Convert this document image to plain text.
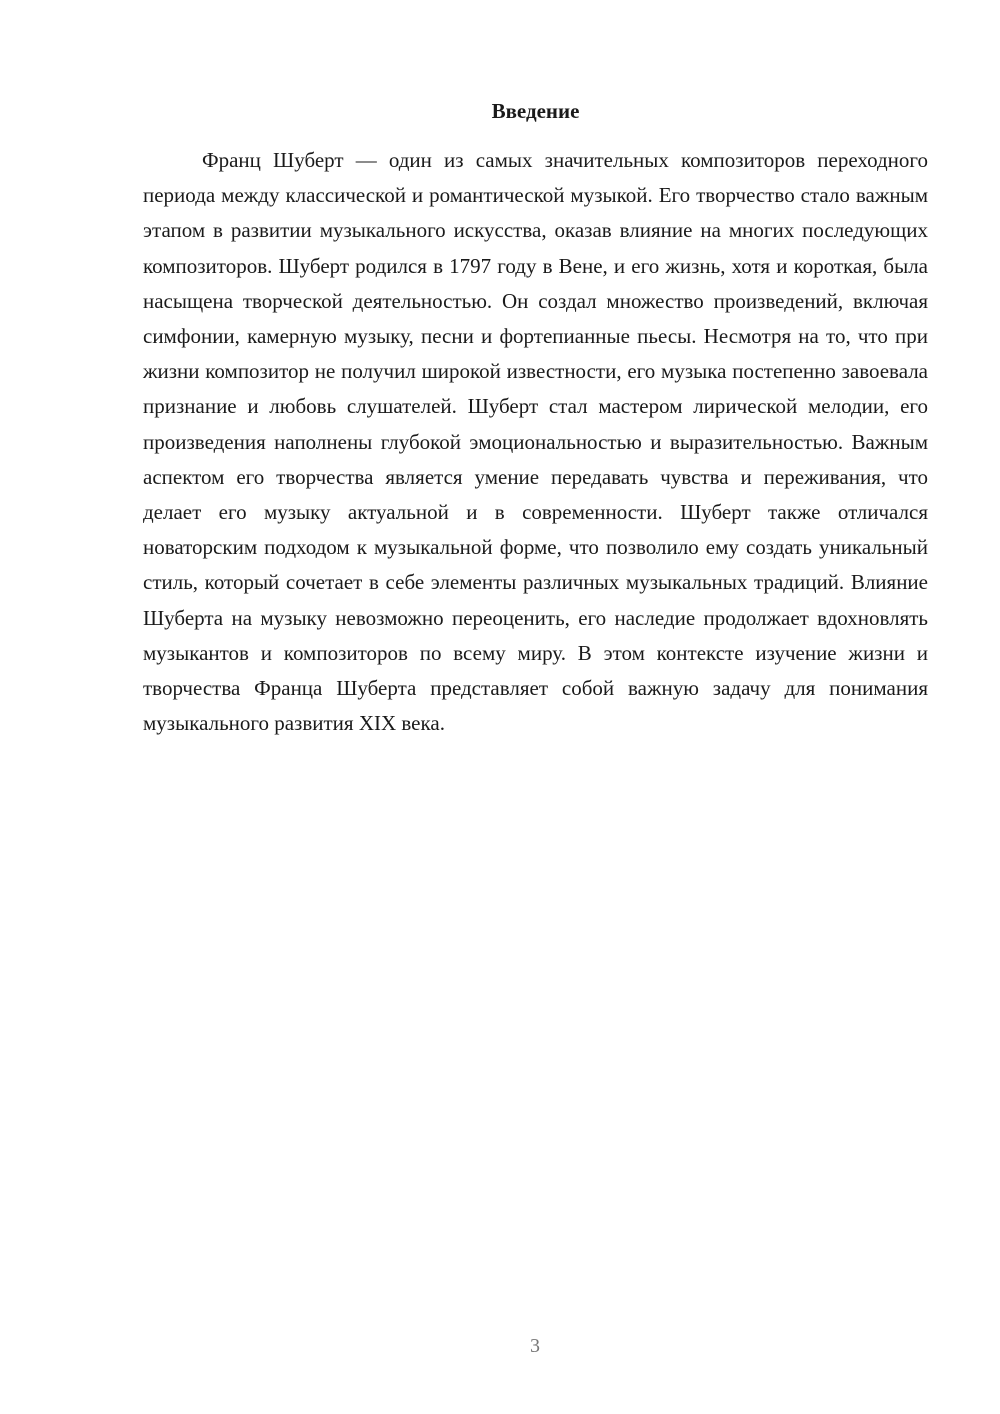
Введение

Франц Шуберт — один из самых значительных композиторов переходного периода между классической и романтической музыкой. Его творчество стало важным этапом в развитии музыкального искусства, оказав влияние на многих последующих композиторов. Шуберт родился в 1797 году в Вене, и его жизнь, хотя и короткая, была насыщена творческой деятельностью. Он создал множество произведений, включая симфонии, камерную музыку, песни и фортепианные пьесы. Несмотря на то, что при жизни композитор не получил широкой известности, его музыка постепенно завоевала признание и любовь слушателей. Шуберт стал мастером лирической мелодии, его произведения наполнены глубокой эмоциональностью и выразительностью. Важным аспектом его творчества является умение передавать чувства и переживания, что делает его музыку актуальной и в современности. Шуберт также отличался новаторским подходом к музыкальной форме, что позволило ему создать уникальный стиль, который сочетает в себе элементы различных музыкальных традиций. Влияние Шуберта на музыку невозможно переоценить, его наследие продолжает вдохновлять музыкантов и композиторов по всему миру. В этом контексте изучение жизни и творчества Франца Шуберта представляет собой важную задачу для понимания музыкального развития XIX века.

3
